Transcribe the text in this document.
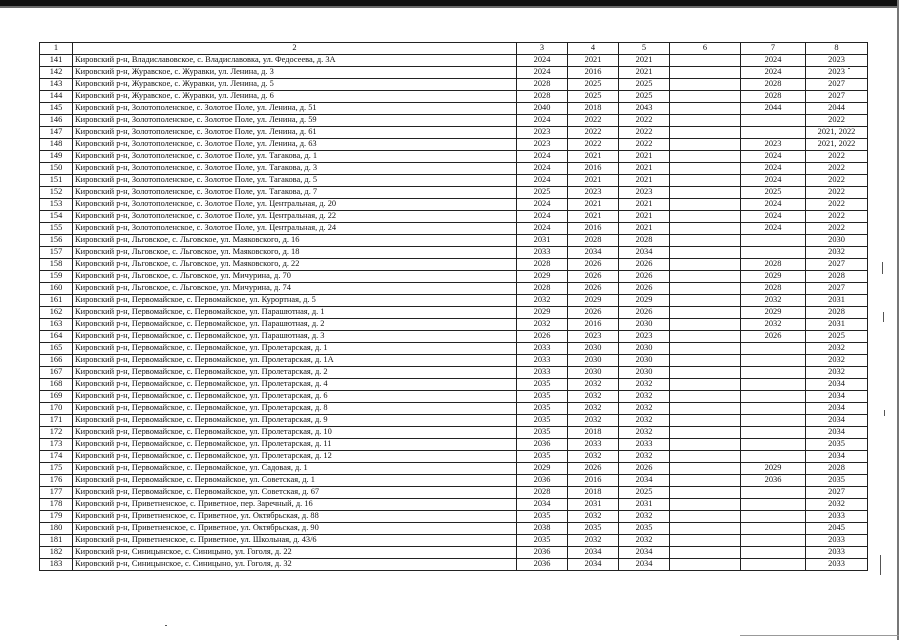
1	2	3	4	5	6	7	8
141	Кировский р-н, Владиславовское, с. Владиславовка, ул. Федосеева, д. 3А	2024	2021	2021		2024	2023
142	Кировский р-н, Журавское, с. Журавки, ул. Ленина, д. 3	2024	2016	2021		2024	2023
143	Кировский р-н, Журавское, с. Журавки, ул. Ленина, д. 5	2028	2025	2025		2028	2027
144	Кировский р-н, Журавское, с. Журавки, ул. Ленина, д. 6	2028	2025	2025		2028	2027
145	Кировский р-н, Золотополенское, с. Золотое Поле, ул. Ленина, д. 51	2040	2018	2043		2044	2044
146	Кировский р-н, Золотополенское, с. Золотое Поле, ул. Ленина, д. 59	2024	2022	2022			2022
147	Кировский р-н, Золотополенское, с. Золотое Поле, ул. Ленина, д. 61	2023	2022	2022			2021, 2022
148	Кировский р-н, Золотополенское, с. Золотое Поле, ул. Ленина, д. 63	2023	2022	2022		2023	2021, 2022
149	Кировский р-н, Золотополенское, с. Золотое Поле, ул. Тагакова, д. 1	2024	2021	2021		2024	2022
150	Кировский р-н, Золотополенское, с. Золотое Поле, ул. Тагакова, д. 3	2024	2016	2021		2024	2022
151	Кировский р-н, Золотополенское, с. Золотое Поле, ул. Тагакова, д. 5	2024	2021	2021		2024	2022
152	Кировский р-н, Золотополенское, с. Золотое Поле, ул. Тагакова, д. 7	2025	2023	2023		2025	2022
153	Кировский р-н, Золотополенское, с. Золотое Поле, ул. Центральная, д. 20	2024	2021	2021		2024	2022
154	Кировский р-н, Золотополенское, с. Золотое Поле, ул. Центральная, д. 22	2024	2021	2021		2024	2022
155	Кировский р-н, Золотополенское, с. Золотое Поле, ул. Центральная, д. 24	2024	2016	2021		2024	2022
156	Кировский р-н, Льговское, с. Льговское, ул. Маяковского, д. 16	2031	2028	2028			2030
157	Кировский р-н, Льговское, с. Льговское, ул. Маяковского, д. 18	2033	2034	2034			2032
158	Кировский р-н, Льговское, с. Льговское, ул. Маяковского, д. 22	2028	2026	2026		2028	2027
159	Кировский р-н, Льговское, с. Льговское, ул. Мичурина, д. 70	2029	2026	2026		2029	2028
160	Кировский р-н, Льговское, с. Льговское, ул. Мичурина, д. 74	2028	2026	2026		2028	2027
161	Кировский р-н, Первомайское, с. Первомайское, ул. Курортная, д. 5	2032	2029	2029		2032	2031
162	Кировский р-н, Первомайское, с. Первомайское, ул. Парашютная, д. 1	2029	2026	2026		2029	2028
163	Кировский р-н, Первомайское, с. Первомайское, ул. Парашютная, д. 2	2032	2016	2030		2032	2031
164	Кировский р-н, Первомайское, с. Первомайское, ул. Парашютная, д. 3	2026	2023	2023		2026	2025
165	Кировский р-н, Первомайское, с. Первомайское, ул. Пролетарская, д. 1	2033	2030	2030			2032
166	Кировский р-н, Первомайское, с. Первомайское, ул. Пролетарская, д. 1А	2033	2030	2030			2032
167	Кировский р-н, Первомайское, с. Первомайское, ул. Пролетарская, д. 2	2033	2030	2030			2032
168	Кировский р-н, Первомайское, с. Первомайское, ул. Пролетарская, д. 4	2035	2032	2032			2034
169	Кировский р-н, Первомайское, с. Первомайское, ул. Пролетарская, д. 6	2035	2032	2032			2034
170	Кировский р-н, Первомайское, с. Первомайское, ул. Пролетарская, д. 8	2035	2032	2032			2034
171	Кировский р-н, Первомайское, с. Первомайское, ул. Пролетарская, д. 9	2035	2032	2032			2034
172	Кировский р-н, Первомайское, с. Первомайское, ул. Пролетарская, д. 10	2035	2018	2032			2034
173	Кировский р-н, Первомайское, с. Первомайское, ул. Пролетарская, д. 11	2036	2033	2033			2035
174	Кировский р-н, Первомайское, с. Первомайское, ул. Пролетарская, д. 12	2035	2032	2032			2034
175	Кировский р-н, Первомайское, с. Первомайское, ул. Садовая, д. 1	2029	2026	2026		2029	2028
176	Кировский р-н, Первомайское, с. Первомайское, ул. Советская, д. 1	2036	2016	2034		2036	2035
177	Кировский р-н, Первомайское, с. Первомайское, ул. Советская, д. 67	2028	2018	2025			2027
178	Кировский р-н, Приветненское, с. Приветное, пер. Заречный, д. 16	2034	2031	2031			2032
179	Кировский р-н, Приветненское, с. Приветное, ул. Октябрьская, д. 88	2035	2032	2032			2033
180	Кировский р-н, Приветненское, с. Приветное, ул. Октябрьская, д. 90	2038	2035	2035			2045
181	Кировский р-н, Приветненское, с. Приветное, ул. Школьная, д. 43/6	2035	2032	2032			2033
182	Кировский р-н, Синицынское, с. Синицыно, ул. Гоголя, д. 22	2036	2034	2034			2033
183	Кировский р-н, Синицынское, с. Синицыно, ул. Гоголя, д. 32	2036	2034	2034			2033
